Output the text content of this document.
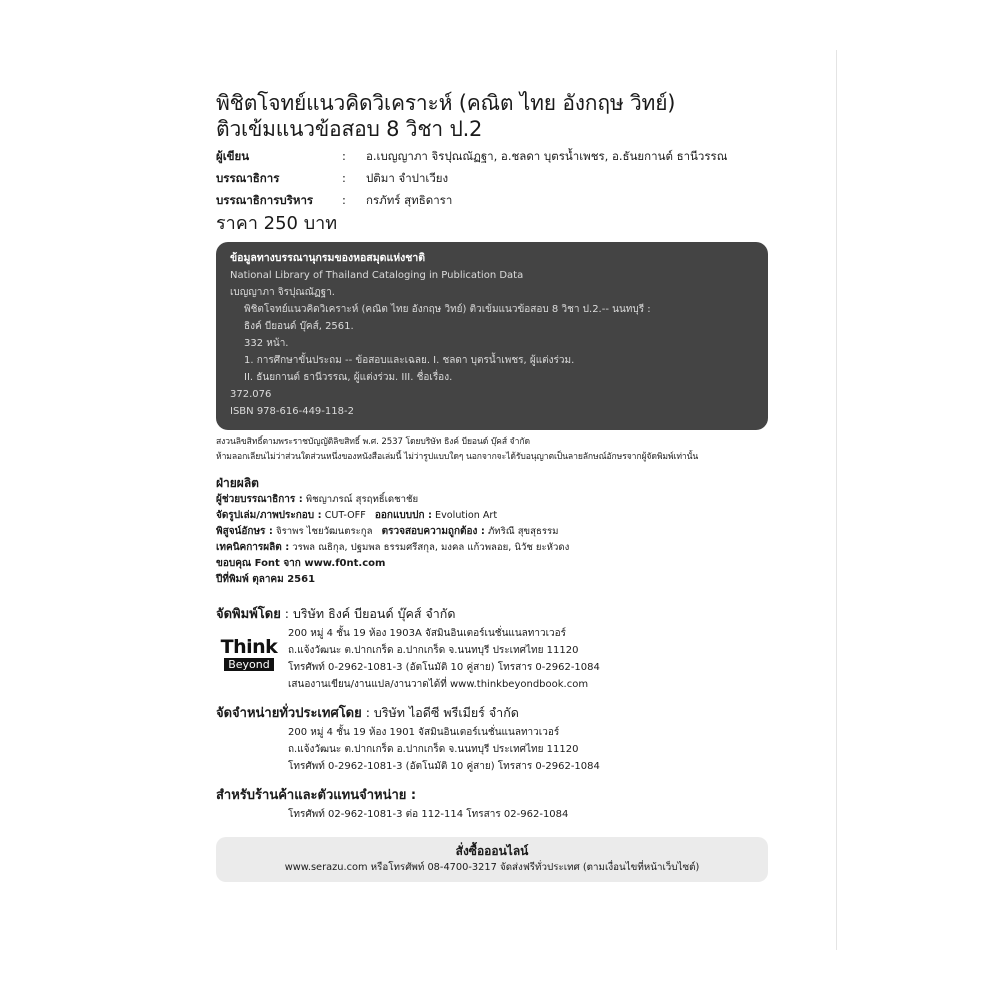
พิชิตโจทย์แนวคิดวิเคราะห์ (คณิต ไทย อังกฤษ วิทย์)
ติวเข้มแนวข้อสอบ 8 วิชา ป.2
ผู้เขียน	:	อ.เบญญาภา จิรปุณณัฏฐา, อ.ชลดา บุตรน้ำเพชร, อ.ธันยกานต์ ธานีวรรณ
บรรณาธิการ	:	ปติมา จำปาเวียง
บรรณาธิการบริหาร	:	กรภัทร์ สุทธิดารา
ราคา 250 บาท
ข้อมูลทางบรรณานุกรมของหอสมุดแห่งชาติ
National Library of Thailand Cataloging in Publication Data
เบญญาภา จิรปุณณัฏฐา.
พิชิตโจทย์แนวคิดวิเคราะห์ (คณิต ไทย อังกฤษ วิทย์) ติวเข้มแนวข้อสอบ 8 วิชา ป.2.-- นนทบุรี :
ธิงค์ บียอนด์ บุ๊คส์, 2561.
332 หน้า.
1. การศึกษาขั้นประถม -- ข้อสอบและเฉลย. I. ชลดา บุตรน้ำเพชร, ผู้แต่งร่วม.
II. ธันยกานต์ ธานีวรรณ, ผู้แต่งร่วม. III. ชื่อเรื่อง.
372.076
ISBN 978-616-449-118-2
สงวนลิขสิทธิ์ตามพระราชบัญญัติลิขสิทธิ์ พ.ศ. 2537 โดยบริษัท ธิงค์ บียอนด์ บุ๊คส์ จำกัด
ห้ามลอกเลียนไม่ว่าส่วนใดส่วนหนึ่งของหนังสือเล่มนี้ ไม่ว่ารูปแบบใดๆ นอกจากจะได้รับอนุญาตเป็นลายลักษณ์อักษรจากผู้จัดพิมพ์เท่านั้น
ฝ่ายผลิต
ผู้ช่วยบรรณาธิการ : พิชญาภรณ์ สุรฤทธิ์เดชาชัย
จัดรูปเล่ม/ภาพประกอบ : CUT-OFF ออกแบบปก : Evolution Art
พิสูจน์อักษร : จิราพร ไชยวัฒนตระกูล ตรวจสอบความถูกต้อง : ภัทริณี สุขสุธรรม
เทคนิคการผลิต : วรพล ณธิกุล, ปฐมพล ธรรมศรีสกุล, มงคล แก้วพลอย, นิวัช ยะหัวดง
ขอบคุณ Font จาก www.f0nt.com
ปีที่พิมพ์ ตุลาคม 2561
จัดพิมพ์โดย : บริษัท ธิงค์ บียอนด์ บุ๊คส์ จำกัด
Think
Beyond
200 หมู่ 4 ชั้น 19 ห้อง 1903A จัสมินอินเตอร์เนชั่นแนลทาวเวอร์
ถ.แจ้งวัฒนะ ต.ปากเกร็ด อ.ปากเกร็ด จ.นนทบุรี ประเทศไทย 11120
โทรศัพท์ 0-2962-1081-3 (อัตโนมัติ 10 คู่สาย) โทรสาร 0-2962-1084
เสนองานเขียน/งานแปล/งานวาดได้ที่ www.thinkbeyondbook.com
จัดจำหน่ายทั่วประเทศโดย : บริษัท ไอดีซี พรีเมียร์ จำกัด
200 หมู่ 4 ชั้น 19 ห้อง 1901 จัสมินอินเตอร์เนชั่นแนลทาวเวอร์
ถ.แจ้งวัฒนะ ต.ปากเกร็ด อ.ปากเกร็ด จ.นนทบุรี ประเทศไทย 11120
โทรศัพท์ 0-2962-1081-3 (อัตโนมัติ 10 คู่สาย) โทรสาร 0-2962-1084
สำหรับร้านค้าและตัวแทนจำหน่าย :
โทรศัพท์ 02-962-1081-3 ต่อ 112-114 โทรสาร 02-962-1084
สั่งซื้อออนไลน์
www.serazu.com หรือโทรศัพท์ 08-4700-3217 จัดส่งฟรีทั่วประเทศ (ตามเงื่อนไขที่หน้าเว็บไซต์)
